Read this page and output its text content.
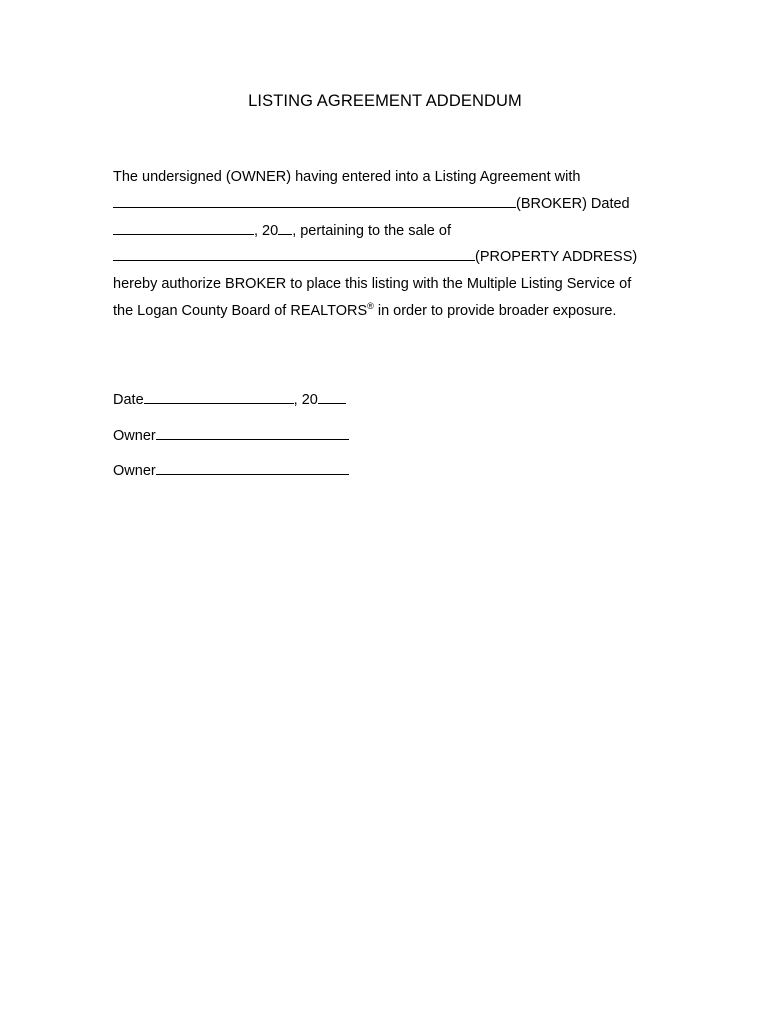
LISTING AGREEMENT ADDENDUM
The undersigned (OWNER) having entered into a Listing Agreement with
(BROKER) Dated
, 20 , pertaining to the sale of
(PROPERTY ADDRESS)
hereby authorize BROKER to place this listing with the Multiple Listing Service of
the Logan County Board of REALTORS® in order to provide broader exposure.
Date	, 20
Owner
Owner
